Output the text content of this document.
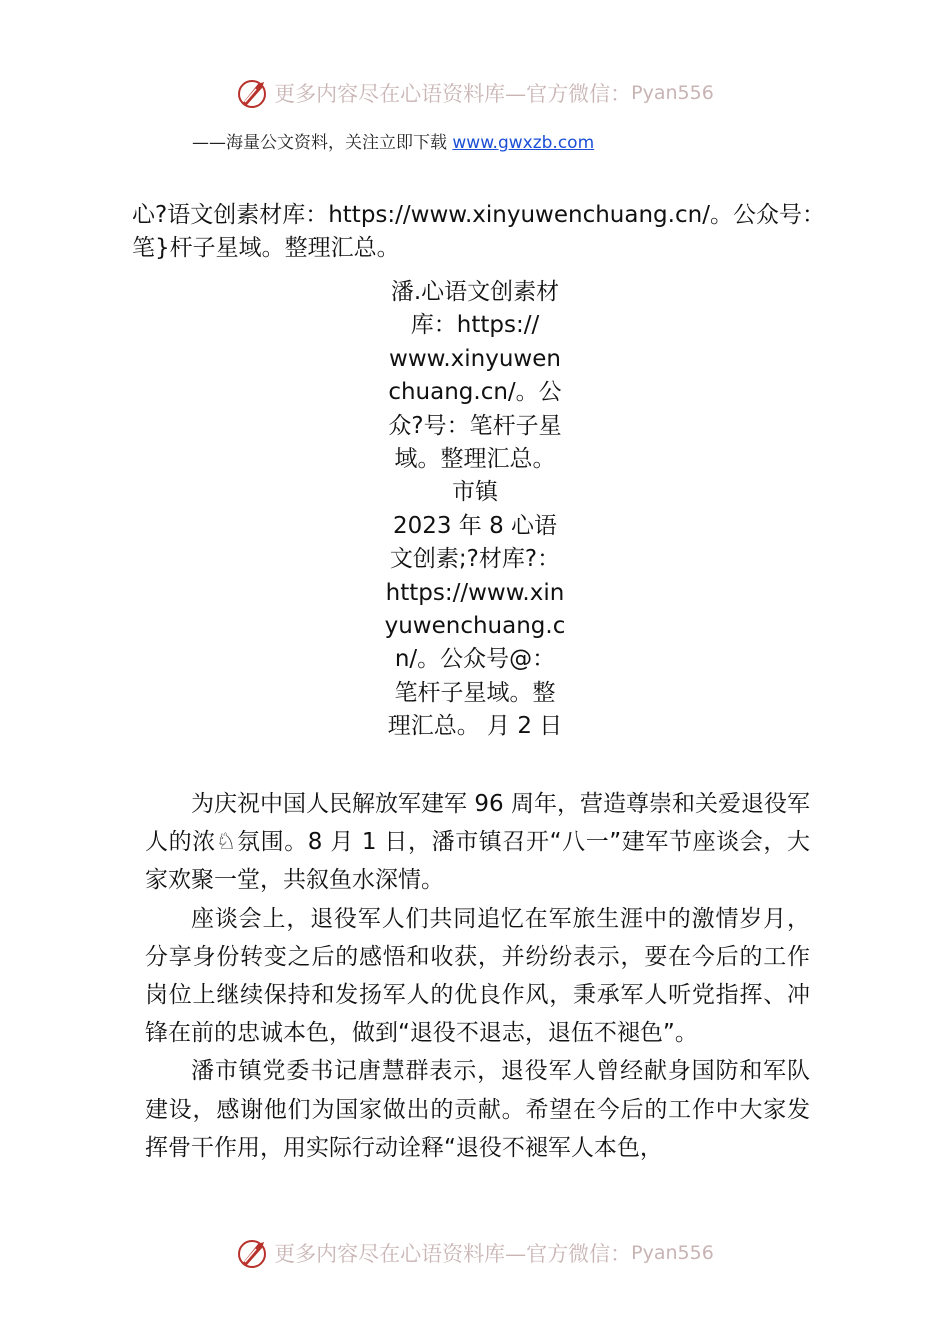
更多内容尽在心语资料库—官方微信： Pyan556
——海量公文资料，关注立即下载 www.gwxzb.com
心?语文创素材库：https://www.xinyuwenchuang.cn/。公众号：笔}杆子星域。整理汇总。
潘.心语文创素材
库：https://
www.xinyuwen
chuang.cn/。公
众?号：笔杆子星
域。整理汇总。
市镇
2023 年 8 心语
文创素;?材库?：
https://www.xin
yuwenchuang.c
n/。公众号@：
笔杆子星域。整
理汇总。 月 2 日

为庆祝中国人民解放军建军 96 周年，营造尊崇和关爱退役军人的浓♘氛围。8 月 1 日，潘市镇召开“八一”建军节座谈会，大家欢聚一堂，共叙鱼水深情。

座谈会上，退役军人们共同追忆在军旅生涯中的激情岁月，分享身份转变之后的感悟和收获，并纷纷表示，要在今后的工作岗位上继续保持和发扬军人的优良作风，秉承军人听党指挥、冲锋在前的忠诚本色，做到“退役不退志，退伍不褪色”。

潘市镇党委书记唐慧群表示，退役军人曾经献身国防和军队建设，感谢他们为国家做出的贡献。希望在今后的工作中大家发挥骨干作用，用实际行动诠释“退役不褪军人本色，

更多内容尽在心语资料库—官方微信： Pyan556
